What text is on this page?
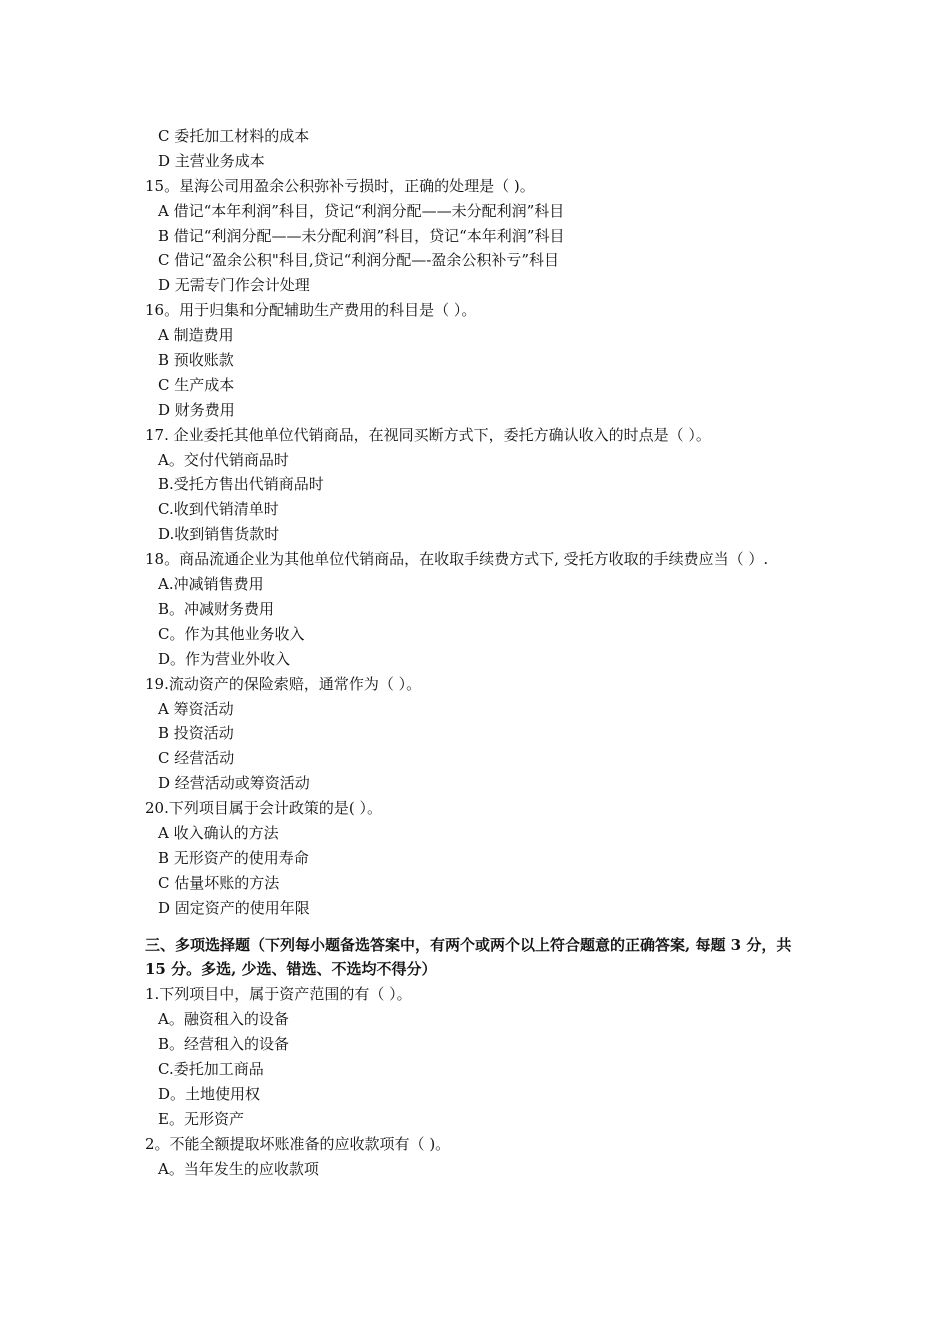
C 委托加工材料的成本
D 主营业务成本
15。星海公司用盈余公积弥补亏损时，正确的处理是（ )。
A 借记“本年利润”科目，贷记“利润分配——未分配利润”科目
B 借记“利润分配——未分配利润”科目，贷记“本年利润”科目
C 借记“盈余公积"科目,贷记“利润分配—-盈余公积补亏”科目
D 无需专门作会计处理
16。用于归集和分配辅助生产费用的科目是（ ）。
A 制造费用
B 预收账款
C 生产成本
D 财务费用
17. 企业委托其他单位代销商品，在视同买断方式下，委托方确认收入的时点是（ ）。
A。交付代销商品时
B.受托方售出代销商品时
C.收到代销清单时
D.收到销售货款时
18。商品流通企业为其他单位代销商品，在收取手续费方式下, 受托方收取的手续费应当（ ）.
A.冲减销售费用
B。冲减财务费用
C。作为其他业务收入
D。作为营业外收入
19.流动资产的保险索赔，通常作为（ ）。
A 筹资活动
B 投资活动
C 经营活动
D 经营活动或筹资活动
20.下列项目属于会计政策的是( ）。
A 收入确认的方法
B 无形资产的使用寿命
C 估量坏账的方法
D 固定资产的使用年限
三、多项选择题（下列每小题备选答案中，有两个或两个以上符合题意的正确答案, 每题 3 分，共 15 分。多选, 少选、错选、不选均不得分）
1.下列项目中，属于资产范围的有（ ）。
A。融资租入的设备
B。经营租入的设备
C.委托加工商品
D。土地使用权
E。无形资产
2。不能全额提取坏账准备的应收款项有（ )。
A。当年发生的应收款项
